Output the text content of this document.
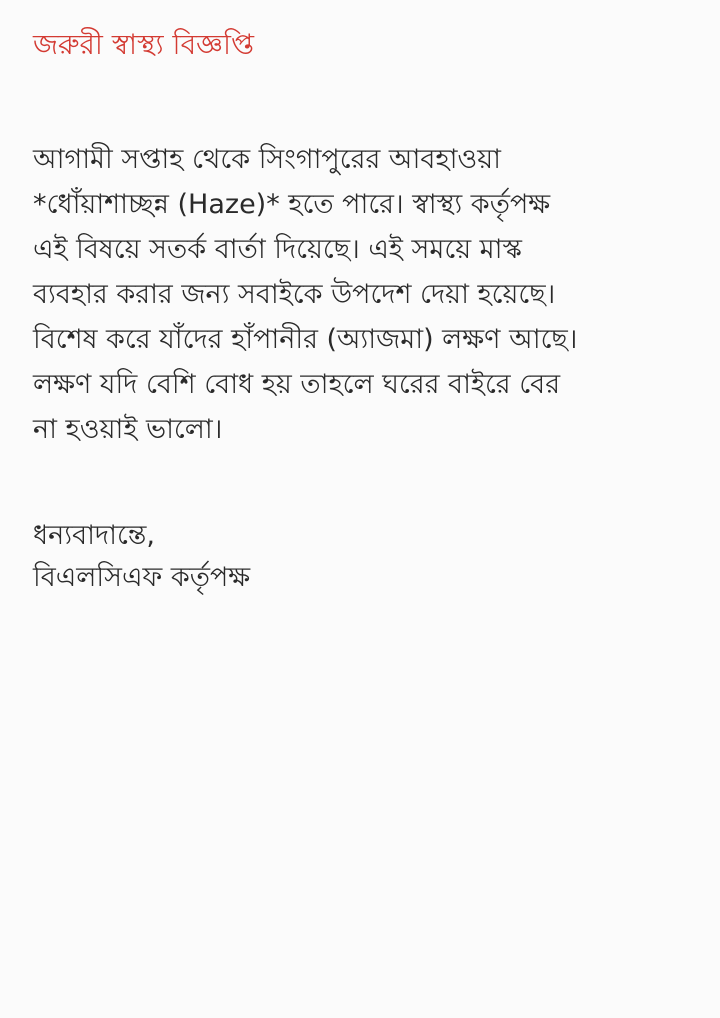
জরুরী স্বাস্থ্য বিজ্ঞপ্তি

আগামী সপ্তাহ থেকে সিংগাপুরের আবহাওয়া
*ধোঁয়াশাচ্ছন্ন (Haze)* হতে পারে। স্বাস্থ্য কর্তৃপক্ষ
এই বিষয়ে সতর্ক বার্তা দিয়েছে। এই সময়ে মাস্ক
ব্যবহার করার জন্য সবাইকে উপদেশ দেয়া হয়েছে।
বিশেষ করে যাঁদের হাঁপানীর (অ্যাজমা) লক্ষণ আছে।
লক্ষণ যদি বেশি বোধ হয় তাহলে ঘরের বাইরে বের
না হওয়াই ভালো।

ধন্যবাদান্তে,
বিএলসিএফ কর্তৃপক্ষ
